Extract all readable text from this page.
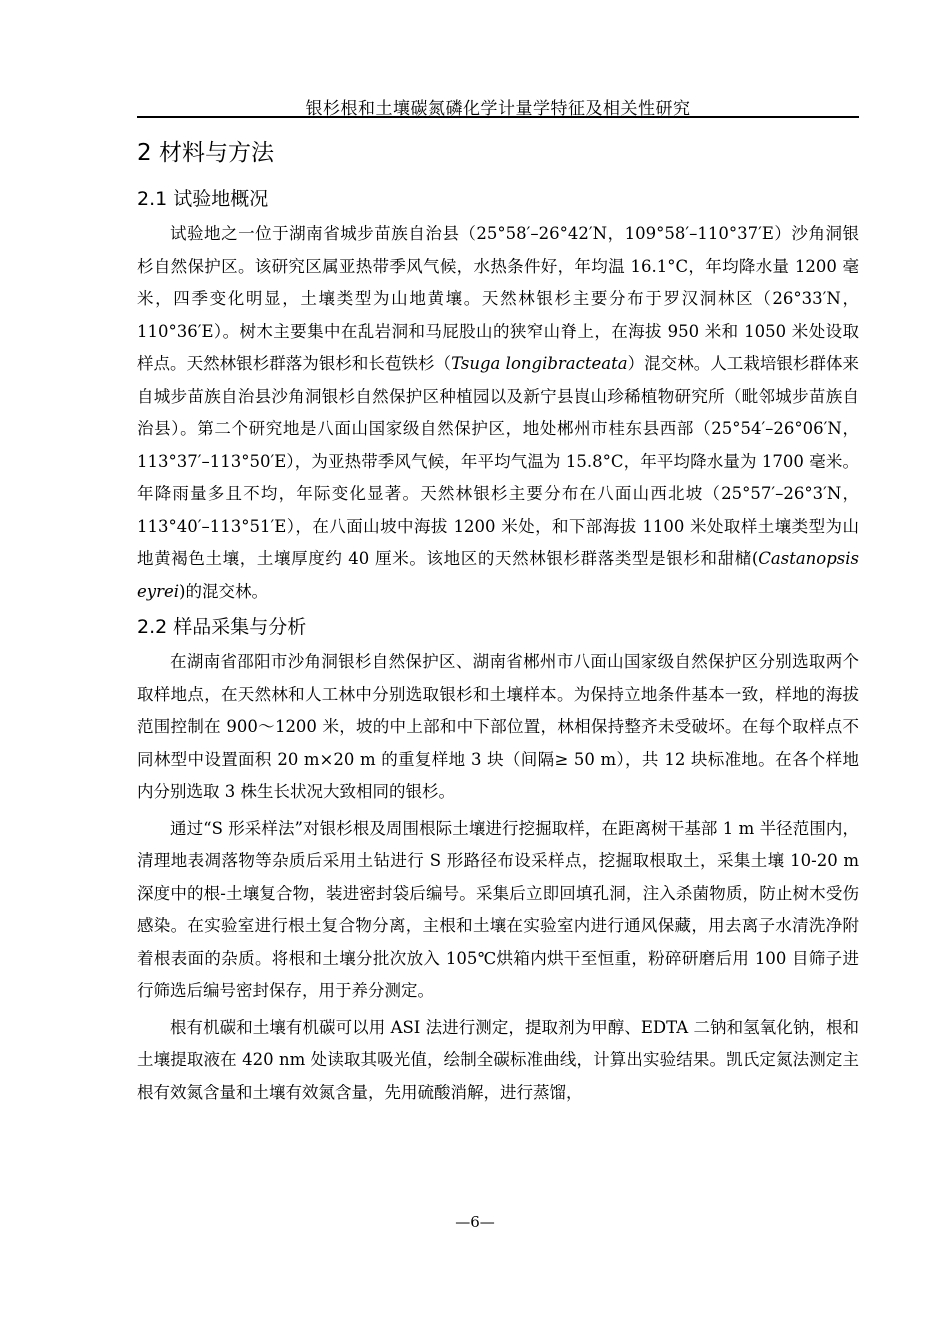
银杉根和土壤碳氮磷化学计量学特征及相关性研究
2 材料与方法
2.1 试验地概况

试验地之一位于湖南省城步苗族自治县（25°58′–26°42′N，109°58′–110°37′E）沙角洞银杉自然保护区。该研究区属亚热带季风气候，水热条件好，年均温 16.1°C，年均降水量 1200 毫米，四季变化明显，土壤类型为山地黄壤。天然林银杉主要分布于罗汉洞林区（26°33′N，110°36′E）。树木主要集中在乱岩洞和马屁股山的狭窄山脊上，在海拔 950 米和 1050 米处设取样点。天然林银杉群落为银杉和长苞铁杉（Tsuga longibracteata）混交林。人工栽培银杉群体来自城步苗族自治县沙角洞银杉自然保护区种植园以及新宁县崀山珍稀植物研究所（毗邻城步苗族自治县）。第二个研究地是八面山国家级自然保护区，地处郴州市桂东县西部（25°54′–26°06′N，113°37′–113°50′E），为亚热带季风气候，年平均气温为 15.8°C，年平均降水量为 1700 毫米。年降雨量多且不均，年际变化显著。天然林银杉主要分布在八面山西北坡（25°57′–26°3′N，113°40′–113°51′E），在八面山坡中海拔 1200 米处，和下部海拔 1100 米处取样土壤类型为山地黄褐色土壤，土壤厚度约 40 厘米。该地区的天然林银杉群落类型是银杉和甜槠(Castanopsis eyrei)的混交林。

2.2 样品采集与分析

在湖南省邵阳市沙角洞银杉自然保护区、湖南省郴州市八面山国家级自然保护区分别选取两个取样地点，在天然林和人工林中分别选取银杉和土壤样本。为保持立地条件基本一致，样地的海拔范围控制在 900～1200 米，坡的中上部和中下部位置，林相保持整齐未受破坏。在每个取样点不同林型中设置面积 20 m×20 m 的重复样地 3 块（间隔≥ 50 m），共 12 块标准地。在各个样地内分别选取 3 株生长状况大致相同的银杉。

通过“S 形采样法”对银杉根及周围根际土壤进行挖掘取样，在距离树干基部 1 m 半径范围内，清理地表凋落物等杂质后采用土钻进行 S 形路径布设采样点，挖掘取根取土，采集土壤 10-20 m 深度中的根-土壤复合物，装进密封袋后编号。采集后立即回填孔洞，注入杀菌物质，防止树木受伤感染。在实验室进行根土复合物分离，主根和土壤在实验室内进行通风保藏，用去离子水清洗净附着根表面的杂质。将根和土壤分批次放入 105℃烘箱内烘干至恒重，粉碎研磨后用 100 目筛子进行筛选后编号密封保存，用于养分测定。

根有机碳和土壤有机碳可以用 ASI 法进行测定，提取剂为甲醇、EDTA 二钠和氢氧化钠，根和土壤提取液在 420 nm 处读取其吸光值，绘制全碳标准曲线，计算出实验结果。凯氏定氮法测定主根有效氮含量和土壤有效氮含量，先用硫酸消解，进行蒸馏，

—6—
